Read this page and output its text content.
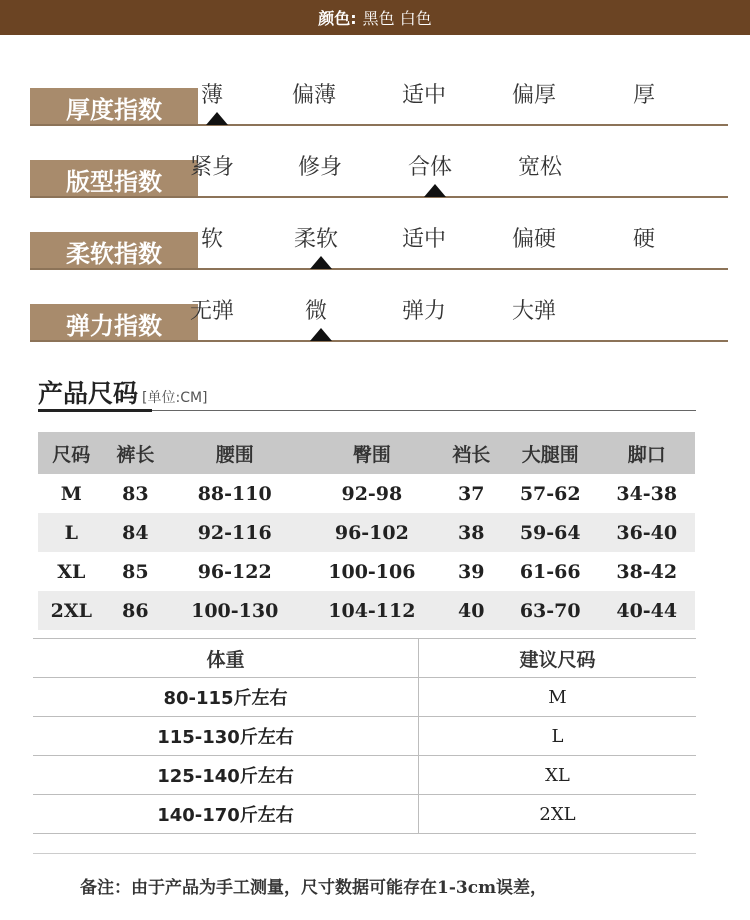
颜色: 黑色 白色
厚度指数	薄	偏薄	适中	偏厚	厚
版型指数	紧身	修身	合体	宽松
柔软指数	软	柔软	适中	偏硬	硬
弹力指数	无弹	微	弹力	大弹
产品尺码 [单位:CM]
尺码	裤长	腰围	臀围	裆长	大腿围	脚口
M	83	88-110	92-98	37	57-62	34-38
L	84	92-116	96-102	38	59-64	36-40
XL	85	96-122	100-106	39	61-66	38-42
2XL	86	100-130	104-112	40	63-70	40-44
体重	建议尺码
80-115斤左右	M
115-130斤左右	L
125-140斤左右	XL
140-170斤左右	2XL
备注：由于产品为手工测量，尺寸数据可能存在1-3cm误差，
